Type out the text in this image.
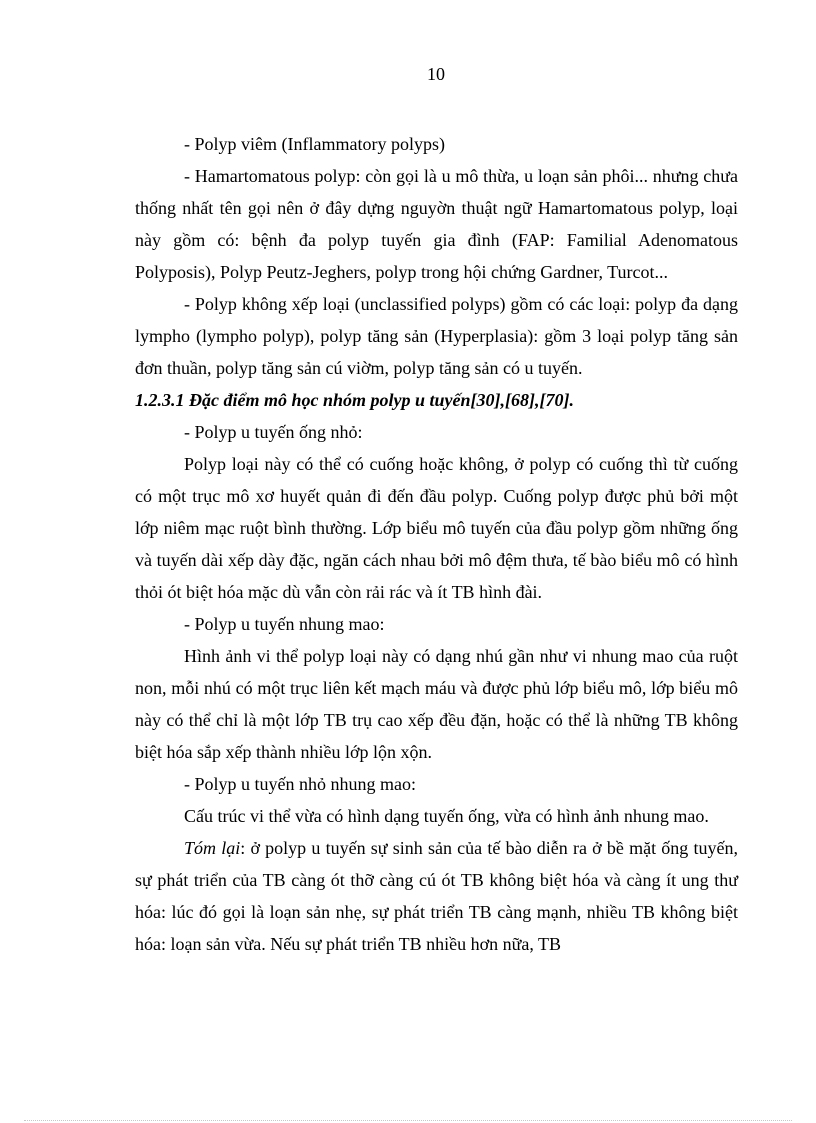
10

- Polyp viêm (Inflammatory polyps)

- Hamartomatous polyp: còn gọi là u mô thừa, u loạn sản phôi... nhưng chưa thống nhất tên gọi nên ở đây dựng nguyờn thuật ngữ Hamartomatous polyp, loại này gồm có: bệnh đa polyp tuyến gia đình (FAP: Familial Adenomatous Polyposis), Polyp Peutz-Jeghers, polyp trong hội chứng Gardner, Turcot...

- Polyp không xếp loại (unclassified polyps) gồm có các loại: polyp đa dạng lympho (lympho polyp), polyp tăng sản (Hyperplasia): gồm 3 loại polyp tăng sản đơn thuần, polyp tăng sản cú viờm, polyp tăng sản có u tuyến.

1.2.3.1 Đặc điểm mô học nhóm polyp u tuyến[30],[68],[70].

- Polyp u tuyến ống nhỏ:

Polyp loại này có thể có cuống hoặc không, ở polyp có cuống thì từ cuống có một trục mô xơ huyết quản đi đến đầu polyp. Cuống polyp được phủ bởi một lớp niêm mạc ruột bình thường. Lớp biểu mô tuyến của đầu polyp gồm những ống và tuyến dài xếp dày đặc, ngăn cách nhau bởi mô đệm thưa, tế bào biểu mô có hình thỏi ót biệt hóa mặc dù vẫn còn rải rác và ít TB hình đài.

- Polyp u tuyến nhung mao:

Hình ảnh vi thể polyp loại này có dạng nhú gần như vi nhung mao của ruột non, mỗi nhú có một trục liên kết mạch máu và được phủ lớp biểu mô, lớp biểu mô này có thể chỉ là một lớp TB trụ cao xếp đều đặn, hoặc có thể là những TB không biệt hóa sắp xếp thành nhiều lớp lộn xộn.

- Polyp u tuyến nhỏ nhung mao:

Cấu trúc vi thể vừa có hình dạng tuyến ống, vừa có hình ảnh nhung mao.

Tóm lại: ở polyp u tuyến sự sinh sản của tế bào diễn ra ở bề mặt ống tuyến, sự phát triển của TB càng ót thỡ càng cú ót TB không biệt hóa và càng ít ung thư hóa: lúc đó gọi là loạn sản nhẹ, sự phát triển TB càng mạnh, nhiều TB không biệt hóa: loạn sản vừa. Nếu sự phát triển TB nhiều hơn nữa, TB
